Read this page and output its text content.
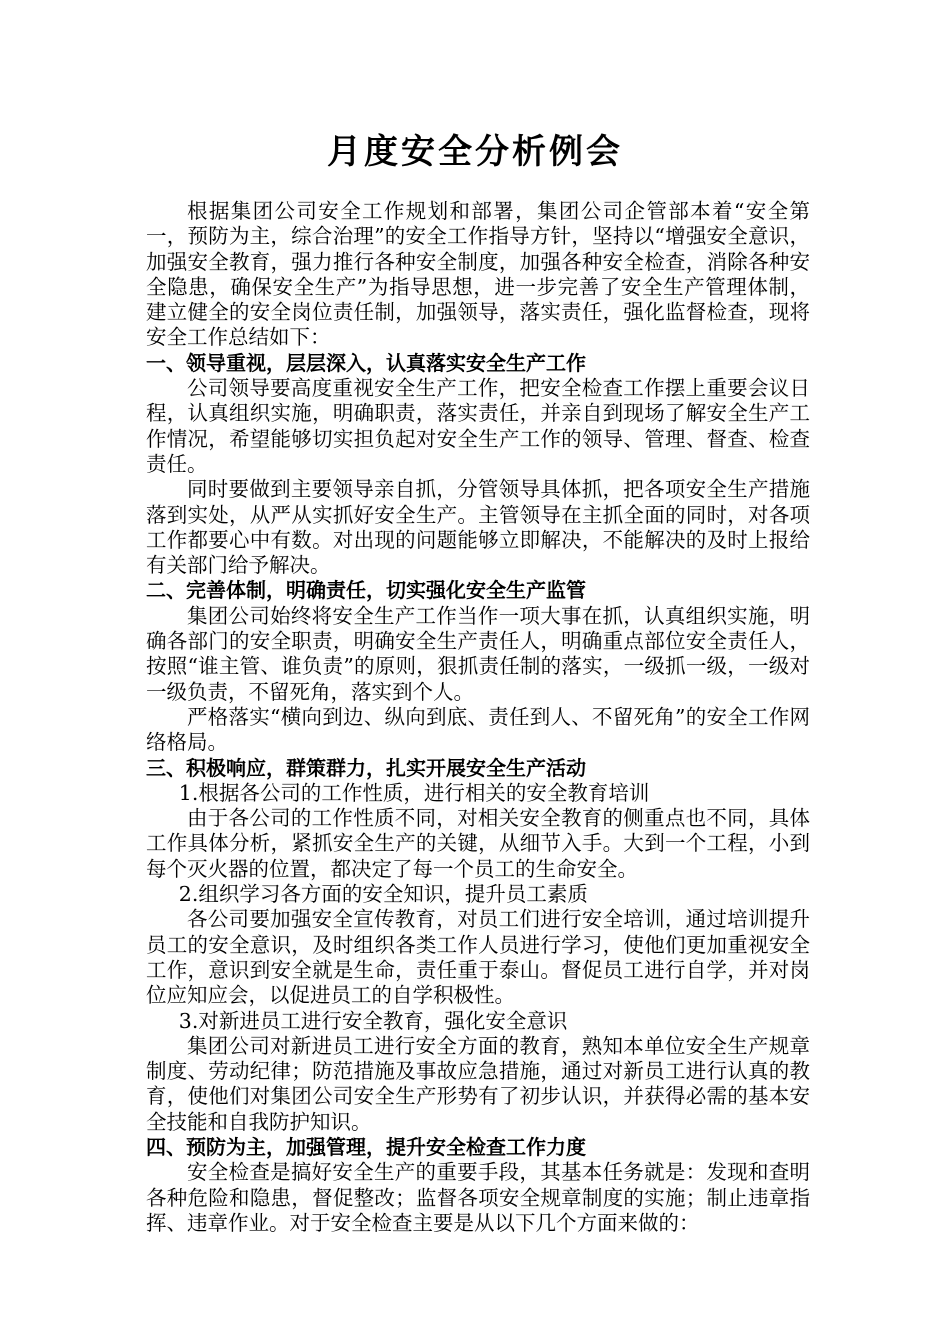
月度安全分析例会

根据集团公司安全工作规划和部署，集团公司企管部本着“安全第一，预防为主，综合治理”的安全工作指导方针，坚持以“增强安全意识，加强安全教育，强力推行各种安全制度，加强各种安全检查，消除各种安全隐患，确保安全生产”为指导思想，进一步完善了安全生产管理体制，建立健全的安全岗位责任制，加强领导，落实责任，强化监督检查，现将安全工作总结如下：

一、领导重视，层层深入，认真落实安全生产工作

公司领导要高度重视安全生产工作，把安全检查工作摆上重要会议日程，认真组织实施，明确职责，落实责任，并亲自到现场了解安全生产工作情况，希望能够切实担负起对安全生产工作的领导、管理、督查、检查责任。

同时要做到主要领导亲自抓，分管领导具体抓，把各项安全生产措施落到实处，从严从实抓好安全生产。主管领导在主抓全面的同时，对各项工作都要心中有数。对出现的问题能够立即解决，不能解决的及时上报给有关部门给予解决。

二、完善体制，明确责任，切实强化安全生产监管

集团公司始终将安全生产工作当作一项大事在抓，认真组织实施，明确各部门的安全职责，明确安全生产责任人，明确重点部位安全责任人，按照“谁主管、谁负责”的原则，狠抓责任制的落实，一级抓一级，一级对一级负责，不留死角，落实到个人。

严格落实“横向到边、纵向到底、责任到人、不留死角”的安全工作网络格局。

三、积极响应，群策群力，扎实开展安全生产活动

1.根据各公司的工作性质，进行相关的安全教育培训

由于各公司的工作性质不同，对相关安全教育的侧重点也不同，具体工作具体分析，紧抓安全生产的关键，从细节入手。大到一个工程，小到每个灭火器的位置，都决定了每一个员工的生命安全。

2.组织学习各方面的安全知识，提升员工素质

各公司要加强安全宣传教育，对员工们进行安全培训，通过培训提升员工的安全意识，及时组织各类工作人员进行学习，使他们更加重视安全工作，意识到安全就是生命，责任重于泰山。督促员工进行自学，并对岗位应知应会，以促进员工的自学积极性。

3.对新进员工进行安全教育，强化安全意识

集团公司对新进员工进行安全方面的教育，熟知本单位安全生产规章制度、劳动纪律；防范措施及事故应急措施，通过对新员工进行认真的教育，使他们对集团公司安全生产形势有了初步认识，并获得必需的基本安全技能和自我防护知识。

四、预防为主，加强管理，提升安全检查工作力度

安全检查是搞好安全生产的重要手段，其基本任务就是：发现和查明各种危险和隐患，督促整改；监督各项安全规章制度的实施；制止违章指挥、违章作业。对于安全检查主要是从以下几个方面来做的：
